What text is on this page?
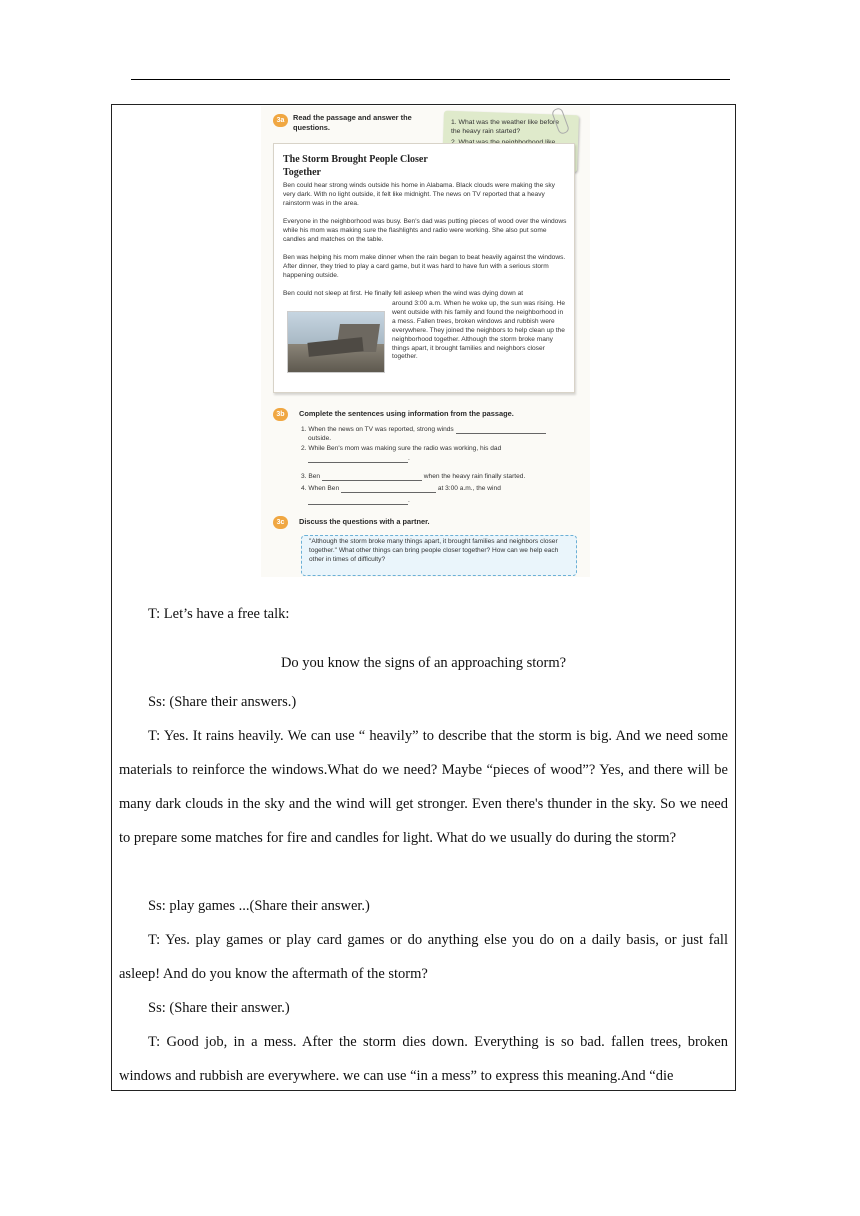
3a	Read the passage and answer the questions.
1. What was the weather like before the heavy rain started?
The Storm Brought People Closer Together

Ben could hear strong winds outside his home in Alabama. Black clouds were making the sky very dark. With no light outside, it felt like midnight. The news on TV reported that a heavy rainstorm was in the area.

Everyone in the neighborhood was busy. Ben's dad was putting pieces of wood over the windows while his mom was making sure the flashlights and radio were working. She also put some candles and matches on the table.

Ben was helping his mom make dinner when the rain began to beat heavily against the windows. After dinner, they tried to play a card game, but it was hard to have fun with a serious storm happening outside.

Ben could not sleep at first. He finally fell asleep when the wind was dying down at

around 3:00 a.m. When he woke up, the sun was rising. He went outside with his family and found the neighborhood in a mess. Fallen trees, broken windows and rubbish were everywhere. They joined the neighbors to help clean up the neighborhood together. Although the storm broke many things apart, it brought families and neighbors closer together.

3b	Complete the sentences using information from the passage.
1. When the news on TV was reported, strong winds
outside.
2. While Ben's mom was making sure the radio was working, his dad
.
3. Ben	when the heavy rain finally started.
4. When Ben	at 3:00 a.m., the wind
.
3c	Discuss the questions with a partner.

"Although the storm broke many things apart, it brought families and neighbors closer together." What other things can bring people closer together? How can we help each other in times of difficulty?

T: Let’s have a free talk:

Do you know the signs of an approaching storm?

Ss: (Share their answers.)

T: Yes. It rains heavily. We can use “ heavily” to describe that the storm is big. And we need some materials to reinforce the windows.What do we need? Maybe “pieces of wood”? Yes, and there will be many dark clouds in the sky and the wind will get stronger. Even there's thunder in the sky. So we need to prepare some matches for fire and candles for light. What do we usually do during the storm?

Ss: play games ...(Share their answer.)

T: Yes. play games or play card games or do anything else you do on a daily basis, or just fall asleep! And do you know the aftermath of the storm?

Ss: (Share their answer.)

T: Good job, in a mess. After the storm dies down. Everything is so bad. fallen trees, broken windows and rubbish are everywhere. we can use “in a mess” to express this meaning.And “die
